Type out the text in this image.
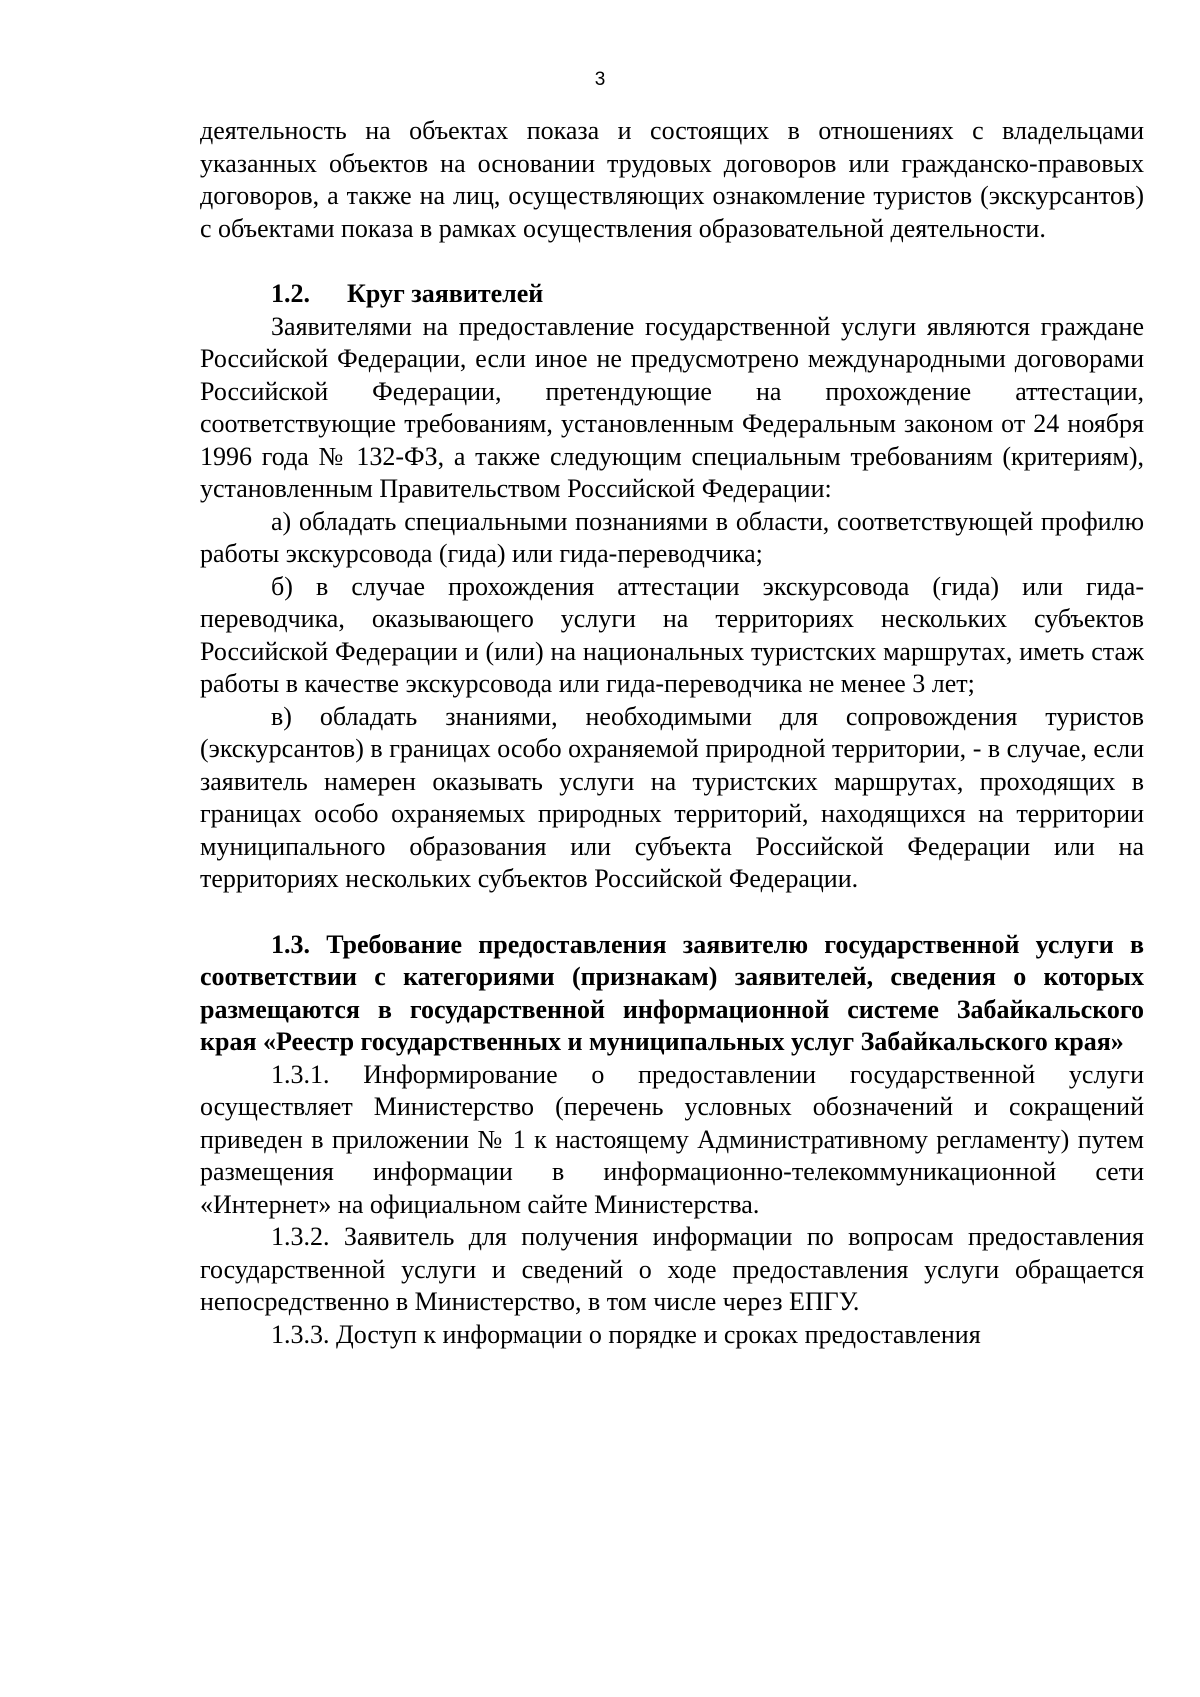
3

деятельность на объектах показа и состоящих в отношениях с владельцами указанных объектов на основании трудовых договоров или гражданско-правовых договоров, а также на лиц, осуществляющих ознакомление туристов (экскурсантов) с объектами показа в рамках осуществления образовательной деятельности.

1.2. Круг заявителей

Заявителями на предоставление государственной услуги являются граждане Российской Федерации, если иное не предусмотрено международными договорами Российской Федерации, претендующие на прохождение аттестации, соответствующие требованиям, установленным Федеральным законом от 24 ноября 1996 года № 132-ФЗ, а также следующим специальным требованиям (критериям), установленным Правительством Российской Федерации:

а) обладать специальными познаниями в области, соответствующей профилю работы экскурсовода (гида) или гида-переводчика;

б) в случае прохождения аттестации экскурсовода (гида) или гида-переводчика, оказывающего услуги на территориях нескольких субъектов Российской Федерации и (или) на национальных туристских маршрутах, иметь стаж работы в качестве экскурсовода или гида-переводчика не менее 3 лет;

в) обладать знаниями, необходимыми для сопровождения туристов (экскурсантов) в границах особо охраняемой природной территории, - в случае, если заявитель намерен оказывать услуги на туристских маршрутах, проходящих в границах особо охраняемых природных территорий, находящихся на территории муниципального образования или субъекта Российской Федерации или на территориях нескольких субъектов Российской Федерации.

1.3. Требование предоставления заявителю государственной услуги в соответствии с категориями (признакам) заявителей, сведения о которых размещаются в государственной информационной системе Забайкальского края «Реестр государственных и муниципальных услуг Забайкальского края»

1.3.1. Информирование о предоставлении государственной услуги осуществляет Министерство (перечень условных обозначений и сокращений приведен в приложении № 1 к настоящему Административному регламенту) путем размещения информации в информационно-телекоммуникационной сети «Интернет» на официальном сайте Министерства.

1.3.2. Заявитель для получения информации по вопросам предоставления государственной услуги и сведений о ходе предоставления услуги обращается непосредственно в Министерство, в том числе через ЕПГУ.

1.3.3. Доступ к информации о порядке и сроках предоставления
